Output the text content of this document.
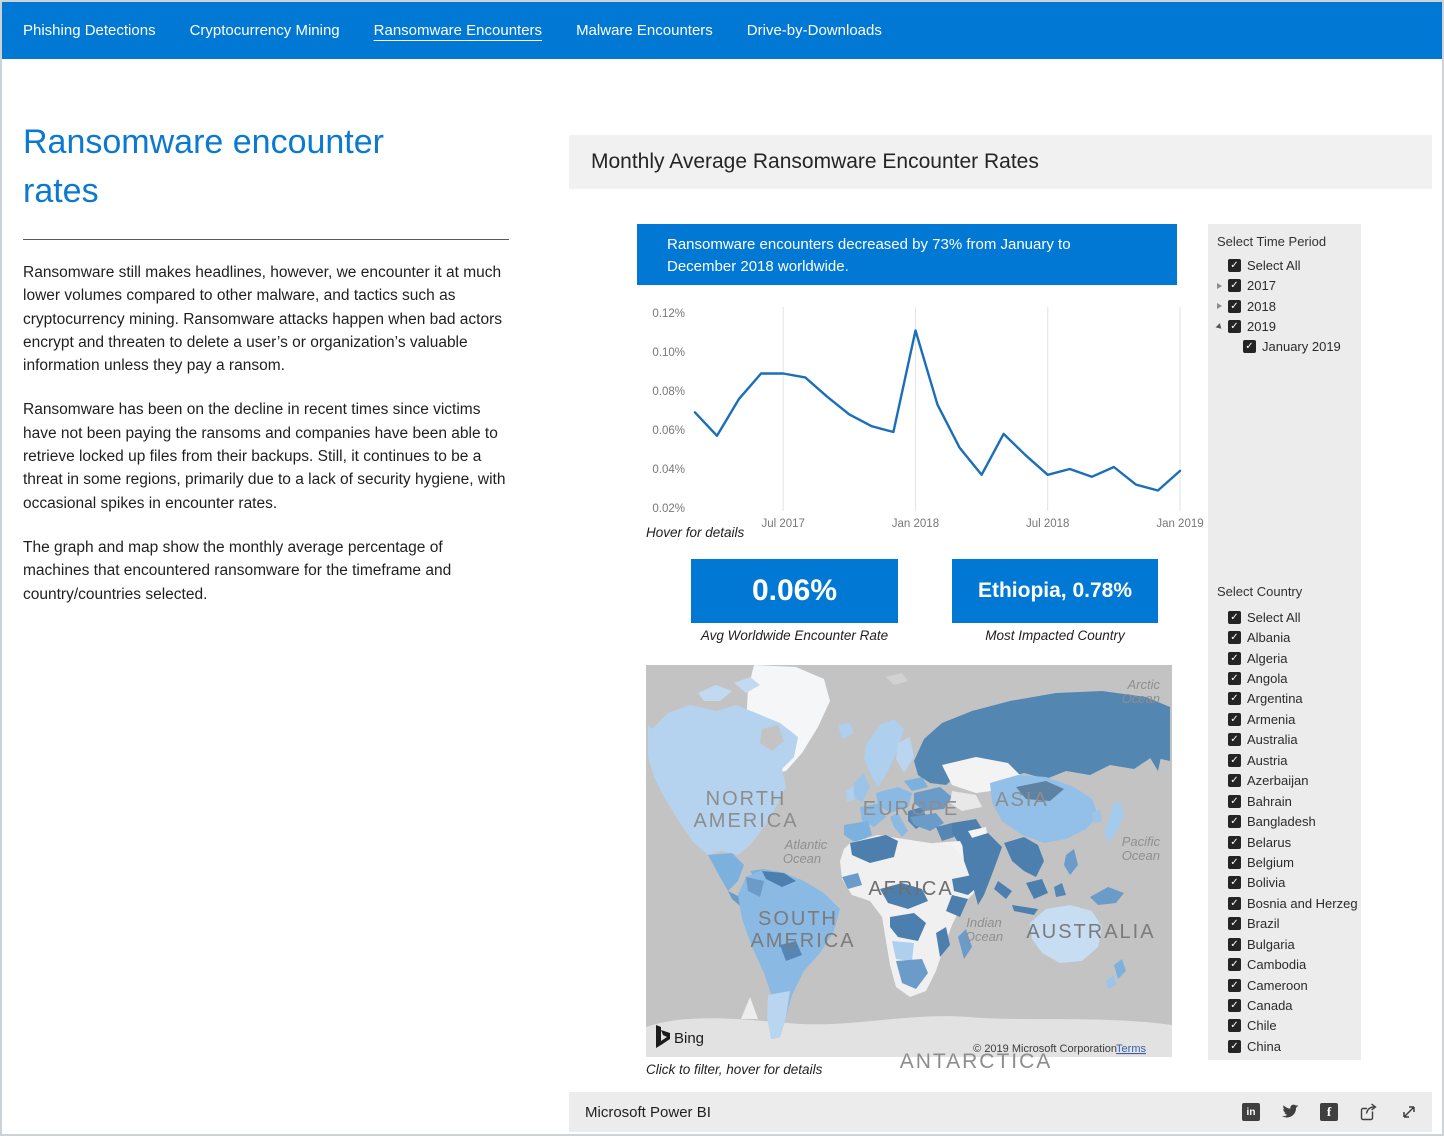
Phishing Detections Cryptocurrency Mining Ransomware Encounters Malware Encounters Drive-by-Downloads
Ransomware encounter rates

Ransomware still makes headlines, however, we encounter it at much lower volumes compared to other malware, and tactics such as cryptocurrency mining. Ransomware attacks happen when bad actors encrypt and threaten to delete a user’s or organization’s valuable information unless they pay a ransom.

Ransomware has been on the decline in recent times since victims have not been paying the ransoms and companies have been able to retrieve locked up files from their backups. Still, it continues to be a threat in some regions, primarily due to a lack of security hygiene, with occasional spikes in encounter rates.

The graph and map show the monthly average percentage of machines that encountered ransomware for the timeframe and country/countries selected.

Monthly Average Ransomware Encounter Rates
Ransomware encounters decreased by 73% from January to December 2018 worldwide.
Select Time Period
✓ Select All
✓ 2017
✓ 2018
✓ 2019
✓ January 2019
Select Country
✓ Select All
✓ Albania
✓ Algeria
✓ Angola
✓ Argentina
✓ Armenia
✓ Australia
✓ Austria
✓ Azerbaijan
✓ Bahrain
✓ Bangladesh
✓ Belarus
✓ Belgium
✓ Bolivia
✓ Bosnia and Herzeg
✓ Brazil
✓ Bulgaria
✓ Cambodia
✓ Cameroon
✓ Canada
✓ Chile
✓ China
Jul 2017	Jan 2018	Jul 2018	Jan 2019
0.12%
0.10%
0.08%
0.06%
0.04%
0.02%
Hover for details
0.06%
Avg Worldwide Encounter Rate
Ethiopia, 0.78%
Most Impacted Country
NORTH
AMERICA
EUROPE ASIA
AFRICA
SOUTH
AMERICA	AUSTRALIA
ANTARCTICA
Arctic
Ocean
Atlantic
Ocean
Pacific
Ocean
Indian
Ocean
Bing
© 2019 Microsoft Corporation Terms
Click to filter, hover for details
Microsoft Power BI	in	f
